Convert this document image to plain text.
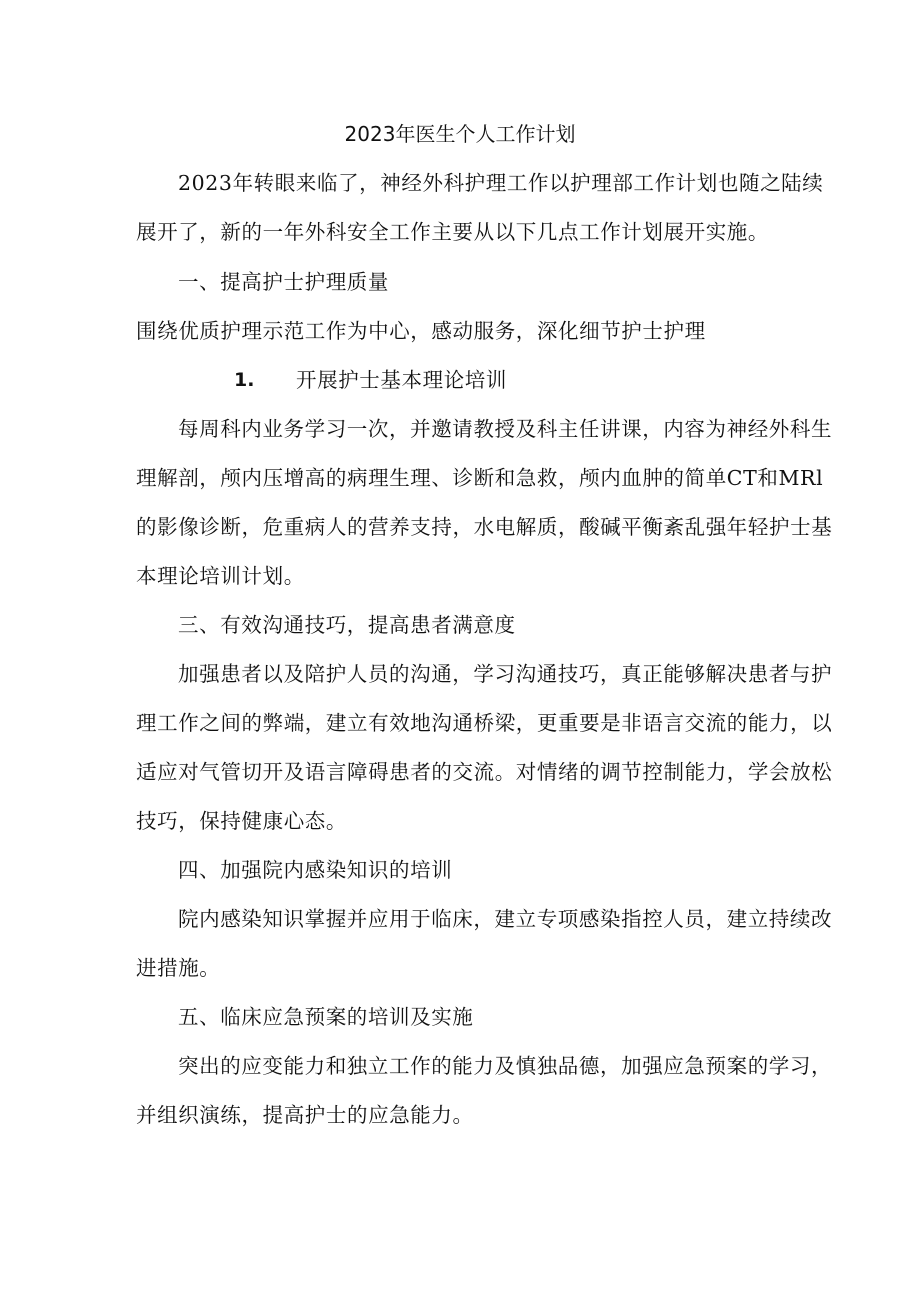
2023年医生个人工作计划
2023年转眼来临了，神经外科护理工作以护理部工作计划也随之陆续
展开了，新的一年外科安全工作主要从以下几点工作计划展开实施。
一、提高护士护理质量
围绕优质护理示范工作为中心，感动服务，深化细节护士护理
1. 开展护士基本理论培训
每周科内业务学习一次，并邀请教授及科主任讲课，内容为神经外科生
理解剖，颅内压增高的病理生理、诊断和急救，颅内血肿的简单CT和MRl
的影像诊断，危重病人的营养支持，水电解质，酸碱平衡紊乱强年轻护士基
本理论培训计划。
三、有效沟通技巧，提高患者满意度
加强患者以及陪护人员的沟通，学习沟通技巧，真正能够解决患者与护
理工作之间的弊端，建立有效地沟通桥梁，更重要是非语言交流的能力，以
适应对气管切开及语言障碍患者的交流。对情绪的调节控制能力，学会放松
技巧，保持健康心态。
四、加强院内感染知识的培训
院内感染知识掌握并应用于临床，建立专项感染指控人员，建立持续改
进措施。
五、临床应急预案的培训及实施
突出的应变能力和独立工作的能力及慎独品德，加强应急预案的学习，
并组织演练，提高护士的应急能力。
